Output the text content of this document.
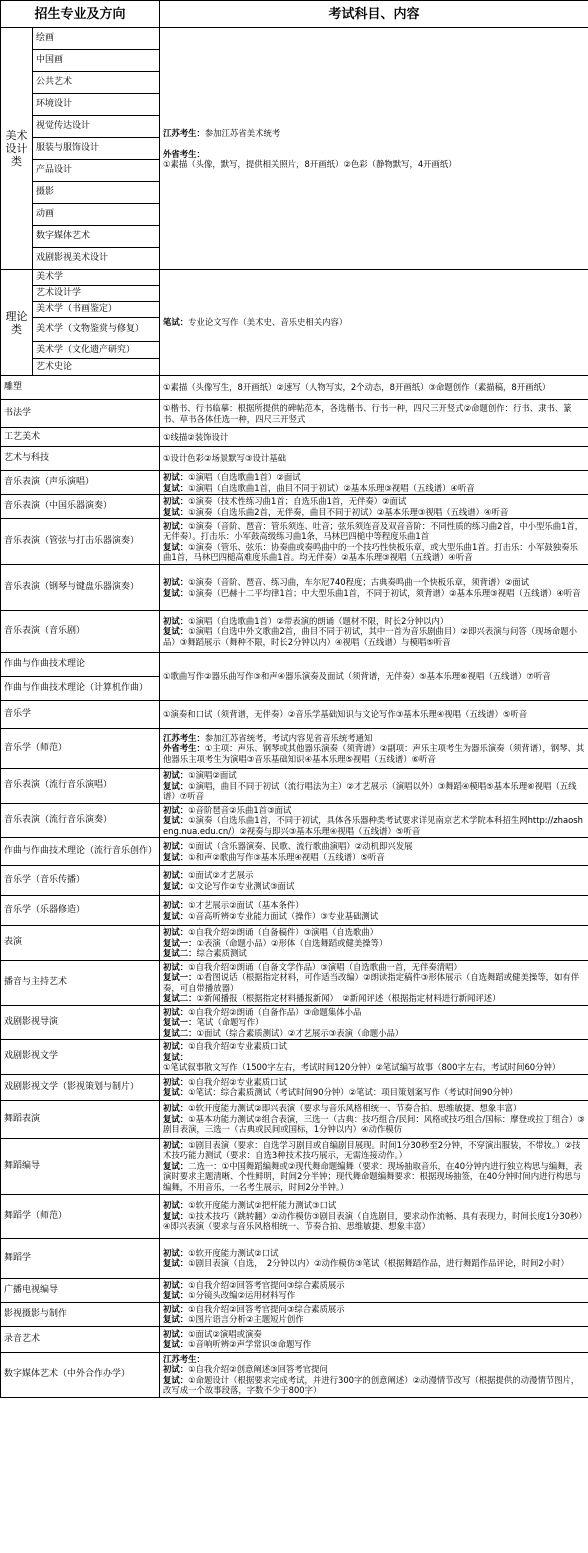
招生专业及方向		考试科目、内容
美术设计类	绘画	江苏考生：参加江苏省美术统考

外省考生：
①素描（头像，默写，提供相关照片，8开画纸）②色彩（静物默写，4开画纸）
	中国画	
	公共艺术	
	环境设计	
	视觉传达设计	
	服装与服饰设计	
	产品设计	
	摄影	
	动画	
	数字媒体艺术	
	戏剧影视美术设计	
理论类	美术学	笔试：专业论文写作（美术史、音乐史相关内容）
	艺术设计学	
	美术学（书画鉴定）	
	美术学（文物鉴赏与修复）	
	美术学（文化遗产研究）	
	艺术史论	
雕塑		①素描（头像写生，8开画纸）②速写（人物写实，2个动态，8开画纸）③命题创作（素描稿，8开画纸）
书法学		①楷书、行书临摹：根据所提供的碑帖范本，各选楷书、行书一种，四尺三开竖式②命题创作：行书、隶书、篆书、草书各体任选一种，四尺三开竖式
工艺美术		①线描②装饰设计
艺术与科技		①设计色彩②场景默写③设计基础
音乐表演（声乐演唱）		初试：①演唱（自选歌曲1首）②面试
复试：①演唱（自选歌曲1首，曲目不同于初试）②基本乐理③视唱（五线谱）④听音

音乐表演（中国乐器演奏）		初试：①演奏（技术性练习曲1首；自选乐曲1首，无伴奏）②面试
复试：①演奏（自选乐曲2首，无伴奏，曲目不同于初试）②基本乐理③视唱（五线谱）④听音

音乐表演（管弦与打击乐器演奏）		初试：①演奏（音阶、琶音：管乐须连、吐音；弦乐须连音及双音音阶：不同性质的练习曲2首，中小型乐曲1首，无伴奏）。打击乐：小军鼓高级练习曲1条，马林巴四槌中等程度乐曲1首
复试：①演奏（管乐、弦乐：协奏曲或奏鸣曲中的一个技巧性快板乐章，或大型乐曲1首。打击乐：小军鼓独奏乐曲1首，马林巴四槌高难度乐曲1首。均无伴奏）②基本乐理③视唱（五线谱）④听音

音乐表演（钢琴与键盘乐器演奏）		初试：①演奏（音阶、琶音、练习曲，车尔尼740程度；古典奏鸣曲一个快板乐章，须背谱）②面试
复试：①演奏（巴赫十二平均律1首；中大型乐曲1首，不同于初试，须背谱）②基本乐理③视唱（五线谱）④听音

音乐表演（音乐剧）		初试：①演唱（自选歌曲1首）②带表演的朗诵（题材不限，时长2分钟以内）
复试：①演唱（自选中外文歌曲2首，曲目不同于初试，其中一首为音乐剧曲目）②即兴表演与问答（现场命题小品）③舞蹈展示（舞种不限，时长2分钟以内）④视唱（五线谱）与模唱⑤听音

作曲与作曲技术理论		①歌曲写作②器乐曲写作③和声④器乐演奏及面试（须背谱，无伴奏）⑤基本乐理⑥视唱（五线谱）⑦听音
作曲与作曲技术理论（计算机作曲）		
音乐学		①演奏和口试（须背谱，无伴奏）②音乐学基础知识与文论写作③基本乐理④视唱（五线谱）⑤听音
音乐学（师范）		江苏考生：参加江苏省统考，考试内容见省音乐统考通知
外省考生：①主项：声乐、钢琴或其他器乐演奏（须背谱）②副项：声乐主项考生为器乐演奏（须背谱），钢琴、其他器乐主项考生为演唱③音乐基础知识④基本乐理⑤视唱（五线谱）⑥听音

音乐表演（流行音乐演唱）		初试：①演唱②面试
复试：①演唱，曲目不同于初试（流行唱法为主）②才艺展示（演唱以外）③舞蹈④模唱⑤基本乐理⑥视唱（五线谱）⑦听音

音乐表演（流行音乐演奏）		初试：①音阶琶音②乐曲1首③面试
复试：①演奏（自选乐曲1首，不同于初试，具体各乐器种类考试要求详见南京艺术学院本科招生网http://zhaosheng.nua.edu.cn/）②视奏与即兴③基本乐理④视唱（五线谱）⑤听音

作曲与作曲技术理论（流行音乐创作）		初试：①面试（含乐器演奏、民歌、流行歌曲演唱）②动机即兴发展
复试：①和声②歌曲写作③基本乐理④视唱（五线谱）⑤听音

音乐学（音乐传播）		初试：①面试②才艺展示
复试：①文论写作②专业测试③面试

音乐学（乐器修造）		初试：①才艺展示②面试（基本条件）
复试：①音高听辨②专业能力面试（操作）③专业基础测试

表演		初试：①自我介绍②朗诵（自备稿件）③演唱（自选歌曲）
复试一：①表演（命题小品）②形体（自选舞蹈或健美操等）
复试二：综合素质测试

播音与主持艺术		初试：①自我介绍②朗诵（自备文学作品）③演唱（自选歌曲一首，无伴奏清唱）
复试一：①看图说话（根据指定材料，可作适当改编）②朗读指定稿件③形体展示（自选舞蹈或健美操等，如有伴奏，可自带播放器）
复试二：①新闻播报（根据指定材料播报新闻）　②新闻评述（根据指定材料进行新闻评述）

戏剧影视导演		初试：①自我介绍②朗诵（自备作品）③命题集体小品
复试一：笔试（命题写作）
复试二：①面试（综合素质测试）②才艺展示③表演（命题小品）

戏剧影视文学		初试：①自我介绍②专业素质口试
复试：①笔试叙事散文写作（1500字左右，考试时间120分钟）②笔试编写故事（800字左右，考试时间60分钟）

戏剧影视文学（影视策划与制片）		初试：①自我介绍②专业素质口试
复试：①笔试：综合素质测试（考试时间90分钟）②笔试：项目策划案写作（考试时间90分钟）

舞蹈表演		初试：①软开度能力测试②即兴表演（要求与音乐风格相统一、节奏合拍、思维敏捷、想象丰富）
复试：①基本功能力测试②组合表演，三选一（古典：技巧组合/民间：风格或技巧组合/国标：摩登或拉丁组合）③剧目表演，三选一（古典或民间或国标，1分钟以内）④动作模仿

舞蹈编导		初试：①剧目表演（要求：自选学习剧目或自编剧目展现。时间1分30秒至2分钟，不穿演出服装，不带妆。）②技术技巧能力测试（要求：自选3种技术技巧展示，无需连接动作。）
复试：二选一：①中国舞蹈编舞或②现代舞命题编舞（要求：现场抽取音乐，在40分钟内进行独立构思与编舞，表演时要求主题清晰、个性鲜明，时间2分半钟；现代舞命题编舞要求：根据现场抽签，在40分钟时间内进行构思与编舞，不用音乐，一名考生展示，时间2分半钟。）

舞蹈学（师范）		初试：①软开度能力测试②把杆能力测试③口试
复试：①技术技巧（跳转翻）②动作模仿③剧目表演（自选剧目，要求动作流畅、具有表现力，时间长度1分30秒）④即兴表演（要求与音乐风格相统一、节奏合拍、思维敏捷、想象丰富）

舞蹈学		初试：①软开度能力测试②口试
复试：①剧目表演（自选，　2分钟以内）②动作模仿③笔试（根据舞蹈作品，进行舞蹈作品评论，时间2小时）

广播电视编导		初试：①自我介绍②回答考官提问③综合素质展示
复试：①分镜头改编②运用材料写作

影视摄影与制作		初试：①自我介绍②回答考官提问③综合素质展示
复试：①图片语言分析②主题短片创作

录音艺术		初试：①面试②演唱或演奏
复试：①音响听辨②声学常识③命题写作

数字媒体艺术（中外合作办学）		江苏考生：
初试：①自我介绍②创意阐述③回答考官提问
复试：①命题设计（根据要求完成考试，并进行300字的创意阐述）②动漫情节改写（根据提供的动漫情节图片，改写成一个故事段落，字数不少于800字）
